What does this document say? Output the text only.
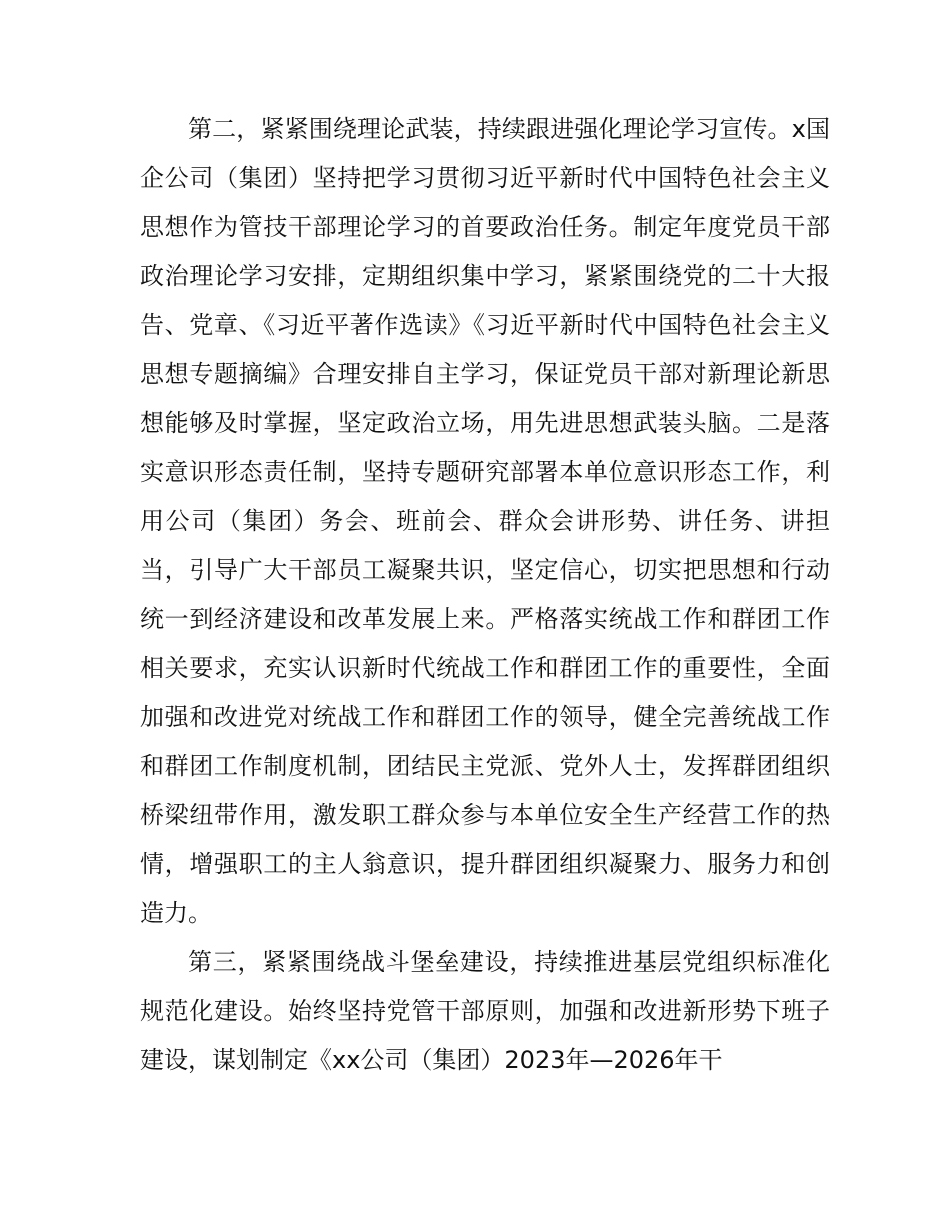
第二，紧紧围绕理论武装，持续跟进强化理论学习宣传。x国企公司（集团）坚持把学习贯彻习近平新时代中国特色社会主义思想作为管技干部理论学习的首要政治任务。制定年度党员干部政治理论学习安排，定期组织集中学习，紧紧围绕党的二十大报告、党章、《习近平著作选读》《习近平新时代中国特色社会主义思想专题摘编》合理安排自主学习，保证党员干部对新理论新思想能够及时掌握，坚定政治立场，用先进思想武装头脑。二是落实意识形态责任制，坚持专题研究部署本单位意识形态工作，利用公司（集团）务会、班前会、群众会讲形势、讲任务、讲担当，引导广大干部员工凝聚共识，坚定信心，切实把思想和行动统一到经济建设和改革发展上来。严格落实统战工作和群团工作相关要求，充实认识新时代统战工作和群团工作的重要性，全面加强和改进党对统战工作和群团工作的领导，健全完善统战工作和群团工作制度机制，团结民主党派、党外人士，发挥群团组织桥梁纽带作用，激发职工群众参与本单位安全生产经营工作的热情，增强职工的主人翁意识，提升群团组织凝聚力、服务力和创造力。

第三，紧紧围绕战斗堡垒建设，持续推进基层党组织标准化规范化建设。始终坚持党管干部原则，加强和改进新形势下班子建设，谋划制定《xx公司（集团）2023年—2026年干
